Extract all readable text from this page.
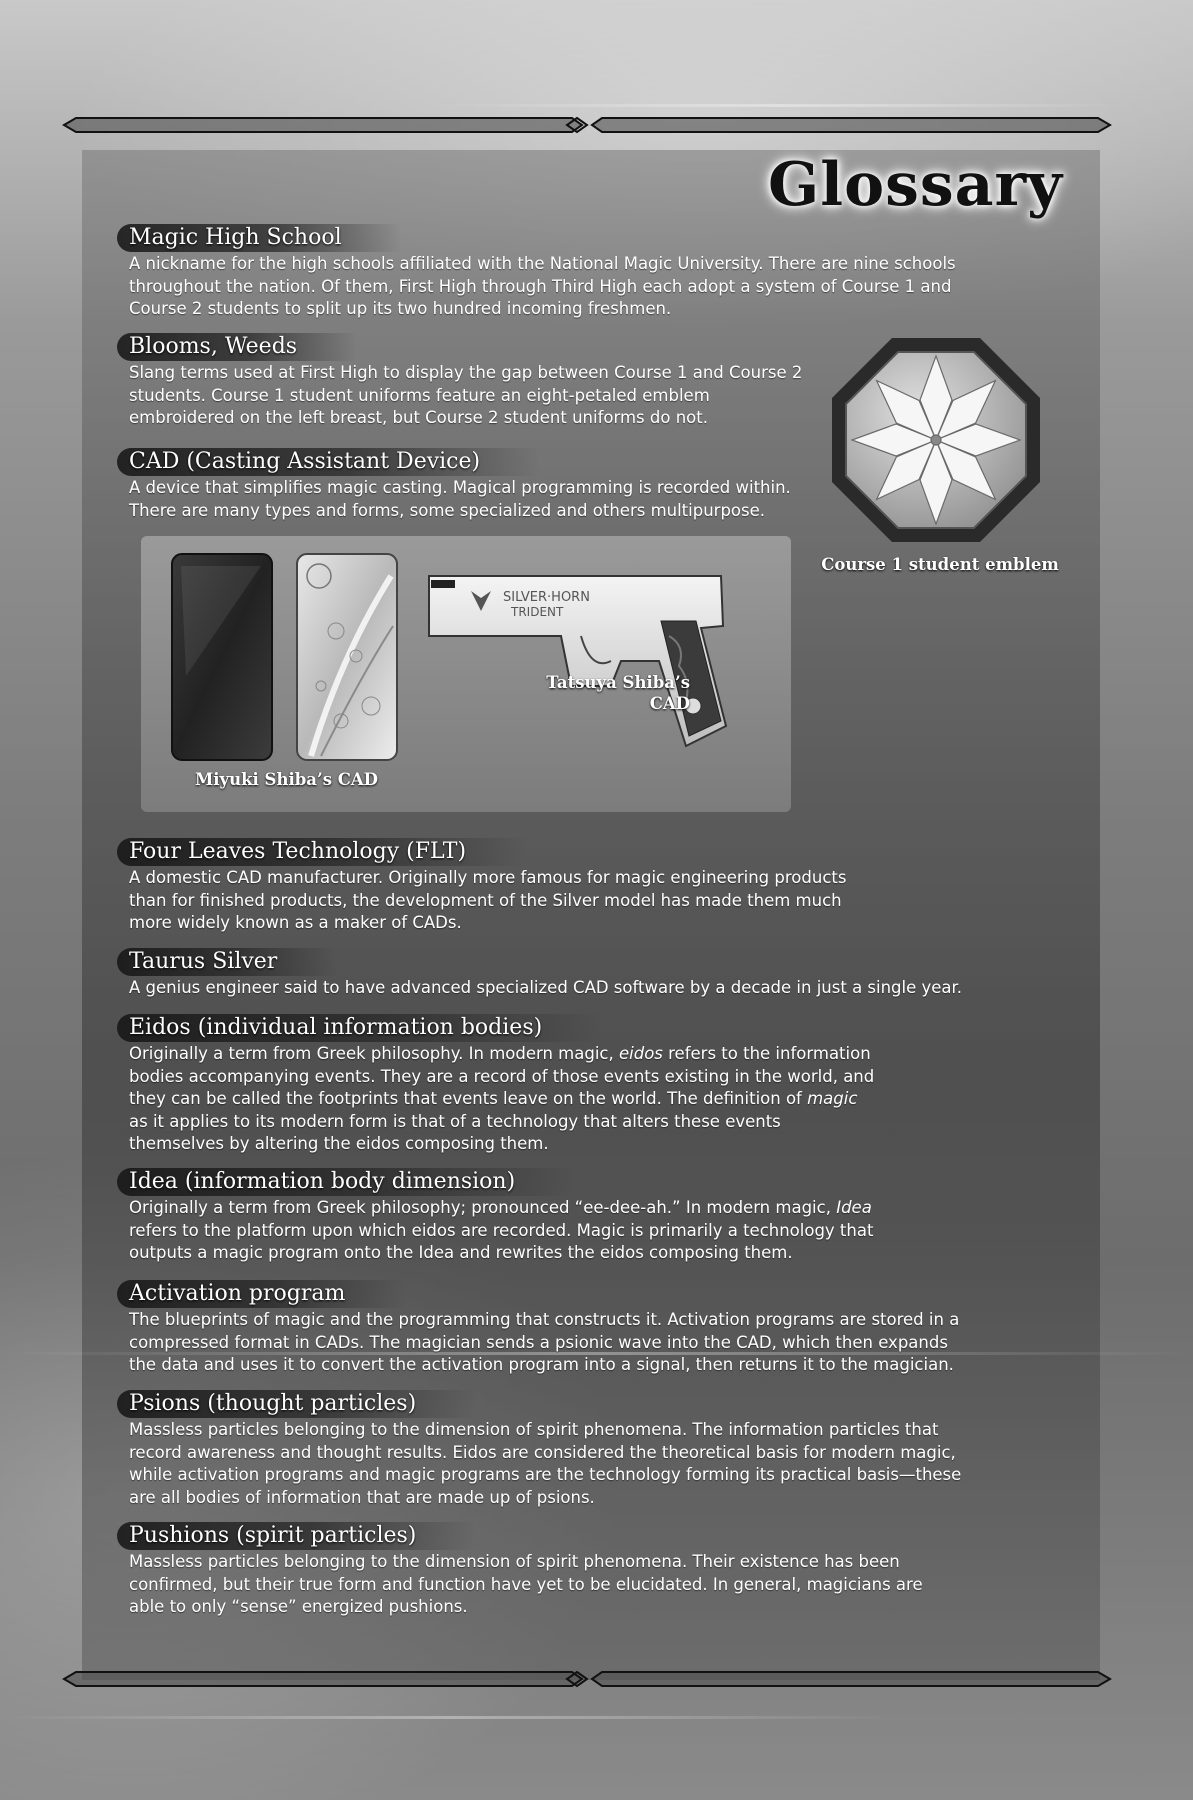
Glossary
Magic High School

A nickname for the high schools affiliated with the National Magic University. There are nine schools throughout the nation. Of them, First High through Third High each adopt a system of Course 1 and Course 2 students to split up its two hundred incoming freshmen.

Blooms, Weeds

Slang terms used at First High to display the gap between Course 1 and Course 2 students. Course 1 student uniforms feature an eight-petaled emblem embroidered on the left breast, but Course 2 student uniforms do not.

CAD (Casting Assistant Device)

A device that simplifies magic casting. Magical programming is recorded within. There are many types and forms, some specialized and others multipurpose.

SILVER·HORN
TRIDENT
Miyuki Shiba’s CAD
Tatsuya Shiba’s
CAD
Course 1 student emblem
Four Leaves Technology (FLT)

A domestic CAD manufacturer. Originally more famous for magic engineering products than for finished products, the development of the Silver model has made them much more widely known as a maker of CADs.

Taurus Silver

A genius engineer said to have advanced specialized CAD software by a decade in just a single year.

Eidos (individual information bodies)

Originally a term from Greek philosophy. In modern magic, eidos refers to the information bodies accompanying events. They are a record of those events existing in the world, and they can be called the footprints that events leave on the world. The definition of magic as it applies to its modern form is that of a technology that alters these events themselves by altering the eidos composing them.

Idea (information body dimension)

Originally a term from Greek philosophy; pronounced “ee-dee-ah.” In modern magic, Idea refers to the platform upon which eidos are recorded. Magic is primarily a technology that outputs a magic program onto the Idea and rewrites the eidos composing them.

Activation program

The blueprints of magic and the programming that constructs it. Activation programs are stored in a compressed format in CADs. The magician sends a psionic wave into the CAD, which then expands the data and uses it to convert the activation program into a signal, then returns it to the magician.

Psions (thought particles)

Massless particles belonging to the dimension of spirit phenomena. The information particles that record awareness and thought results. Eidos are considered the theoretical basis for modern magic, while activation programs and magic programs are the technology forming its practical basis—these are all bodies of information that are made up of psions.

Pushions (spirit particles)

Massless particles belonging to the dimension of spirit phenomena. Their existence has been confirmed, but their true form and function have yet to be elucidated. In general, magicians are able to only “sense” energized pushions.
